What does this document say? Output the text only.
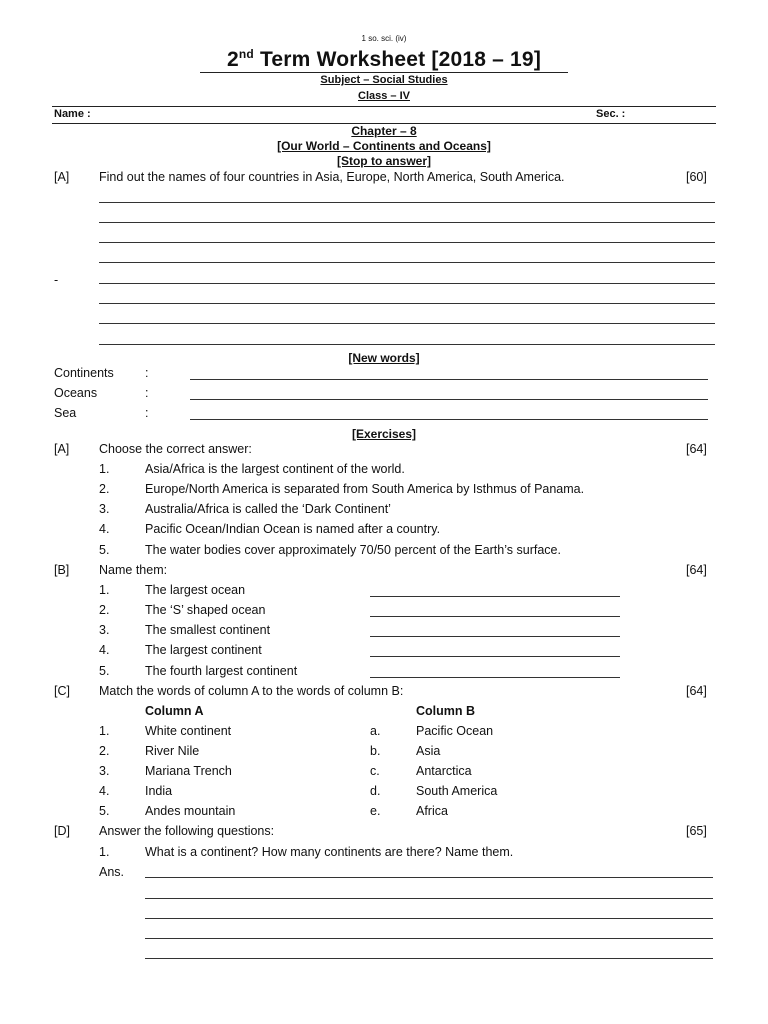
1 so. sci. (iv)
2nd Term Worksheet [2018 – 19]
Subject – Social Studies
Class – IV
Name :	Sec. :
Chapter – 8
[Our World – Continents and Oceans]
[Stop to answer]
[A] Find out the names of four countries in Asia, Europe, North America, South America.	[60]
-
[New words]
Continents :
Oceans	:
Sea	:
[Exercises]
[A] Choose the correct answer:	[64]
1.	Asia/Africa is the largest continent of the world.
2.	Europe/North America is separated from South America by Isthmus of Panama.
3.	Australia/Africa is called the ‘Dark Continent’
4.	Pacific Ocean/Indian Ocean is named after a country.
5.	The water bodies cover approximately 70/50 percent of the Earth’s surface.
[B] Name them:	[64]
1.	The largest ocean
2.	The ‘S’ shaped ocean
3.	The smallest continent
4.	The largest continent
5.	The fourth largest continent
[C] Match the words of column A to the words of column B:	[64]
Column A	Column B
1.	White continent	a.	Pacific Ocean
2.	River Nile	b.	Asia
3.	Mariana Trench	c.	Antarctica
4.	India	d.	South America
5.	Andes mountain	e.	Africa
[D] Answer the following questions:	[65]
1.	What is a continent? How many continents are there? Name them.
Ans.
